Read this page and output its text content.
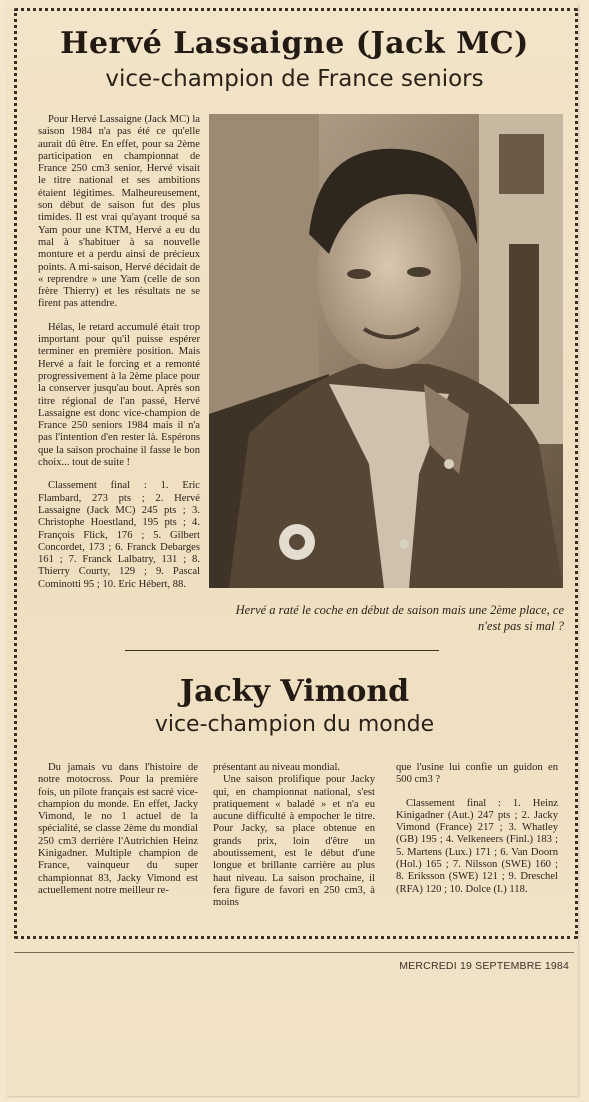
Hervé Lassaigne (Jack MC)
vice-champion de France seniors

Pour Hervé Lassaigne (Jack MC) la saison 1984 n'a pas été ce qu'elle aurait dû être. En effet, pour sa 2ème participation en championnat de France 250 cm3 senior, Hervé visait le titre national et ses ambitions étaient légitimes. Malheureusement, son début de saison fut des plus timides. Il est vrai qu'ayant troqué sa Yam pour une KTM, Hervé a eu du mal à s'habituer à sa nouvelle monture et a perdu ainsi de précieux points. A mi-saison, Hervé décidait de « reprendre » une Yam (celle de son frère Thierry) et les résultats ne se firent pas attendre.

Hélas, le retard accumulé était trop important pour qu'il puisse espérer terminer en première position. Mais Hervé a fait le forcing et a remonté progressivement à la 2ème place pour la conserver jusqu'au bout. Après son titre régional de l'an passé, Hervé Lassaigne est donc vice-champion de France 250 seniors 1984 mais il n'a pas l'intention d'en rester là. Espérons que la saison prochaine il fasse le bon choix... tout de suite !

Classement final : 1. Eric Flambard, 273 pts ; 2. Hervé Lassaigne (Jack MC) 245 pts ; 3. Christophe Hoestland, 195 pts ; 4. François Flick, 176 ; 5. Gilbert Concordet, 173 ; 6. Franck Debarges 161 ; 7. Franck Lalbatry, 131 ; 8. Thierry Courty, 129 ; 9. Pascal Cominotti 95 ; 10. Eric Hébert, 88.

Hervé a raté le coche en début de saison mais une 2ème place, ce n'est pas si mal ?
Jacky Vimond
vice-champion du monde

Du jamais vu dans l'histoire de notre motocross. Pour la première fois, un pilote français est sacré vice-champion du monde. En effet, Jacky Vimond, le no 1 actuel de la spécialité, se classe 2ème du mondial 250 cm3 derrière l'Autrichien Heinz Kinigadner. Multiple champion de France, vainqueur du super championnat 83, Jacky Vimond est actuellement notre meilleur re-

présentant au niveau mondial.

Une saison prolifique pour Jacky qui, en championnat national, s'est pratiquement « baladé » et n'a eu aucune difficulté à empocher le titre. Pour Jacky, sa place obtenue en grands prix, loin d'être un aboutissement, est le début d'une longue et brillante carrière au plus haut niveau. La saison prochaine, il fera figure de favori en 250 cm3, à moins

que l'usine lui confie un guidon en 500 cm3 ?

Classement final : 1. Heinz Kinigadner (Aut.) 247 pts ; 2. Jacky Vimond (France) 217 ; 3. Whatley (GB) 195 ; 4. Velkeneers (Finl.) 183 ; 5. Martens (Lux.) 171 ; 6. Van Doorn (Hol.) 165 ; 7. Nilsson (SWE) 160 ; 8. Eriksson (SWE) 121 ; 9. Dreschel (RFA) 120 ; 10. Dolce (I.) 118.

MERCREDI 19 SEPTEMBRE 1984
